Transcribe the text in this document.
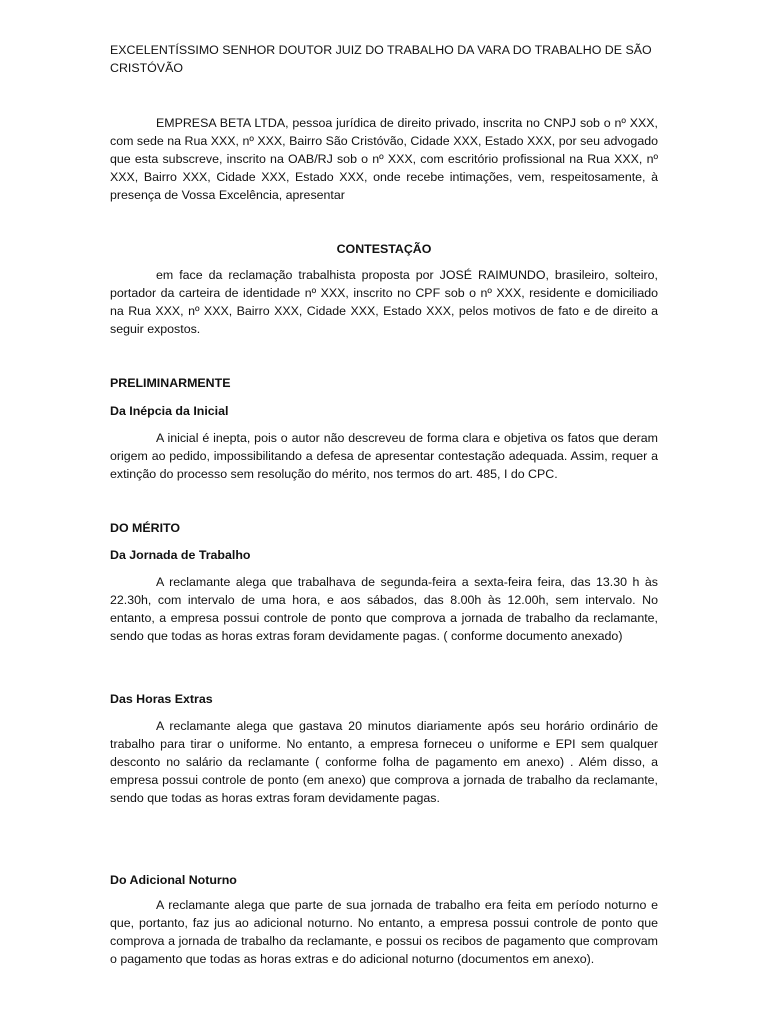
EXCELENTÍSSIMO SENHOR DOUTOR JUIZ DO TRABALHO DA VARA DO TRABALHO DE SÃO CRISTÓVÃO

EMPRESA BETA LTDA, pessoa jurídica de direito privado, inscrita no CNPJ sob o nº XXX, com sede na Rua XXX, nº XXX, Bairro São Cristóvão, Cidade XXX, Estado XXX, por seu advogado que esta subscreve, inscrito na OAB/RJ sob o nº XXX, com escritório profissional na Rua XXX, nº XXX, Bairro XXX, Cidade XXX, Estado XXX, onde recebe intimações, vem, respeitosamente, à presença de Vossa Excelência, apresentar

CONTESTAÇÃO

em face da reclamação trabalhista proposta por JOSÉ RAIMUNDO, brasileiro, solteiro, portador da carteira de identidade nº XXX, inscrito no CPF sob o nº XXX, residente e domiciliado na Rua XXX, nº XXX, Bairro XXX, Cidade XXX, Estado XXX, pelos motivos de fato e de direito a seguir expostos.

PRELIMINARMENTE

Da Inépcia da Inicial

A inicial é inepta, pois o autor não descreveu de forma clara e objetiva os fatos que deram origem ao pedido, impossibilitando a defesa de apresentar contestação adequada. Assim, requer a extinção do processo sem resolução do mérito, nos termos do art. 485, I do CPC.

DO MÉRITO

Da Jornada de Trabalho

A reclamante alega que trabalhava de segunda-feira a sexta-feira feira, das 13.30 h às 22.30h, com intervalo de uma hora, e aos sábados, das 8.00h às 12.00h, sem intervalo. No entanto, a empresa possui controle de ponto que comprova a jornada de trabalho da reclamante, sendo que todas as horas extras foram devidamente pagas. ( conforme documento anexado)

Das Horas Extras

A reclamante alega que gastava 20 minutos diariamente após seu horário ordinário de trabalho para tirar o uniforme. No entanto, a empresa forneceu o uniforme e EPI sem qualquer desconto no salário da reclamante ( conforme folha de pagamento em anexo) . Além disso, a empresa possui controle de ponto (em anexo) que comprova a jornada de trabalho da reclamante, sendo que todas as horas extras foram devidamente pagas.

Do Adicional Noturno

A reclamante alega que parte de sua jornada de trabalho era feita em período noturno e que, portanto, faz jus ao adicional noturno. No entanto, a empresa possui controle de ponto que comprova a jornada de trabalho da reclamante, e possui os recibos de pagamento que comprovam o pagamento que todas as horas extras e do adicional noturno (documentos em anexo).
